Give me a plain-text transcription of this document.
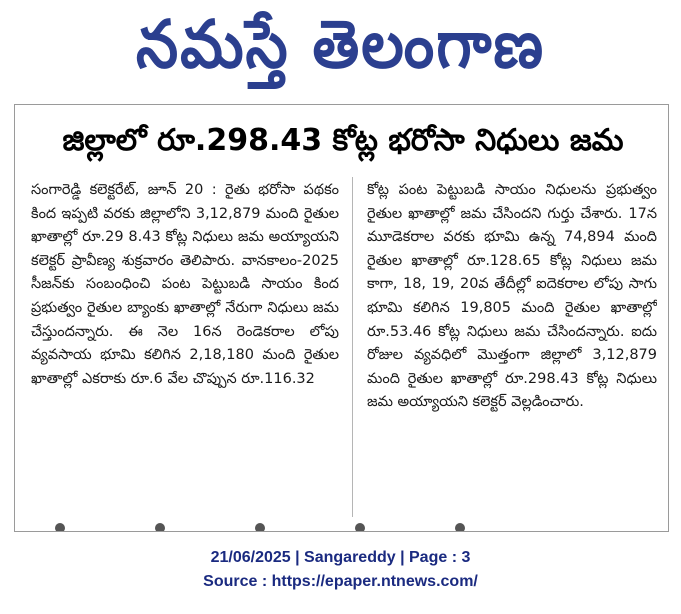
నమస్తే తెలంగాణ
జిల్లాలో రూ.298.43 కోట్ల భరోసా నిధులు జమ

సంగారెడ్డి కలెక్టరేట్, జూన్ 20 : రైతు భరోసా పథకం కింద ఇప్పటి వరకు జిల్లాలోని 3,12,879 మంది రైతుల ఖాతాల్లో రూ.29 8.43 కోట్ల నిధులు జమ అయ్యాయని కలెక్టర్ ప్రావీణ్య శుక్రవారం తెలిపారు. వానకాలం-2025 సీజన్‌కు సంబంధించి పంట పెట్టుబడి సాయం కింద ప్రభుత్వం రైతుల బ్యాంకు ఖాతాల్లో నేరుగా నిధులు జమ చేస్తుందన్నారు. ఈ నెల 16న రెండెకరాల లోపు వ్యవసాయ భూమి కలిగిన 2,18,180 మంది రైతుల ఖాతాల్లో ఎకరాకు రూ.6 వేల చొప్పున రూ.116.32

కోట్ల పంట పెట్టుబడి సాయం నిధులను ప్రభుత్వం రైతుల ఖాతాల్లో జమ చేసిందని గుర్తు చేశారు. 17న మూడెకరాల వరకు భూమి ఉన్న 74,894 మంది రైతుల ఖాతాల్లో రూ.128.65 కోట్ల నిధులు జమ కాగా, 18, 19, 20వ తేదీల్లో ఐదెకరాల లోపు సాగు భూమి కలిగిన 19,805 మంది రైతుల ఖాతాల్లో రూ.53.46 కోట్ల నిధులు జమ చేసిందన్నారు. ఐదు రోజుల వ్యవధిలో మొత్తంగా జిల్లాలో 3,12,879 మంది రైతుల ఖాతాల్లో రూ.298.43 కోట్ల నిధులు జమ అయ్యాయని కలెక్టర్ వెల్లడించారు.

21/06/2025 | Sangareddy | Page : 3
Source : https://epaper.ntnews.com/
